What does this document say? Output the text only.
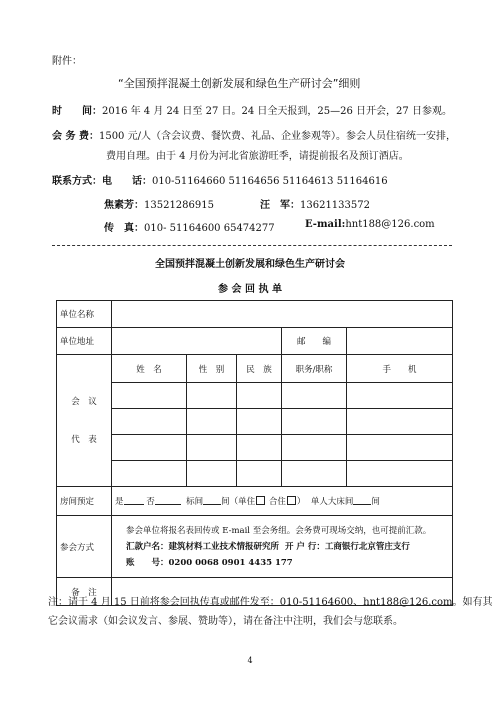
附件：
“全国预拌混凝土创新发展和绿色生产研讨会”细则
时　　间：2016 年 4 月 24 日至 27 日。24 日全天报到，25—26 日开会，27 日参观。
会 务 费：1500 元/人（含会议费、餐饮费、礼品、企业参观等）。参会人员住宿统一安排，
费用自理。由于 4 月份为河北省旅游旺季，请提前报名及预订酒店。
联系方式：电　　话：010-51164660 51164656 51164613 51164616
焦素芳：13521286915	汪　军：13621133572
传　真：010- 51164600 65474277	E-mail:hnt188@126.com
全国预拌混凝土创新发展和绿色生产研讨会
参 会 回 执 单
单位名称					
单位地址				邮　　编	

会　议
代　表	姓　名	性　别	民　族	职务/职称	手　　机

房间预定	是 否 标间 间（单住 合住 ） 单人大床间 间				
参会方式	参会单位将报名表回传或 E-mail 至会务组。会务费可现场交纳，也可提前汇款。
汇款户名：建筑材料工业技术情报研究所 开 户 行：工商银行北京管庄支行
账　　号：0200 0068 0901 4435 177				

备　注					
注：请于 4 月 15 日前将参会回执传真或邮件发至：010-51164600、hnt188@126.com。如有其
它会议需求（如会议发言、参展、赞助等），请在备注中注明，我们会与您联系。
4
